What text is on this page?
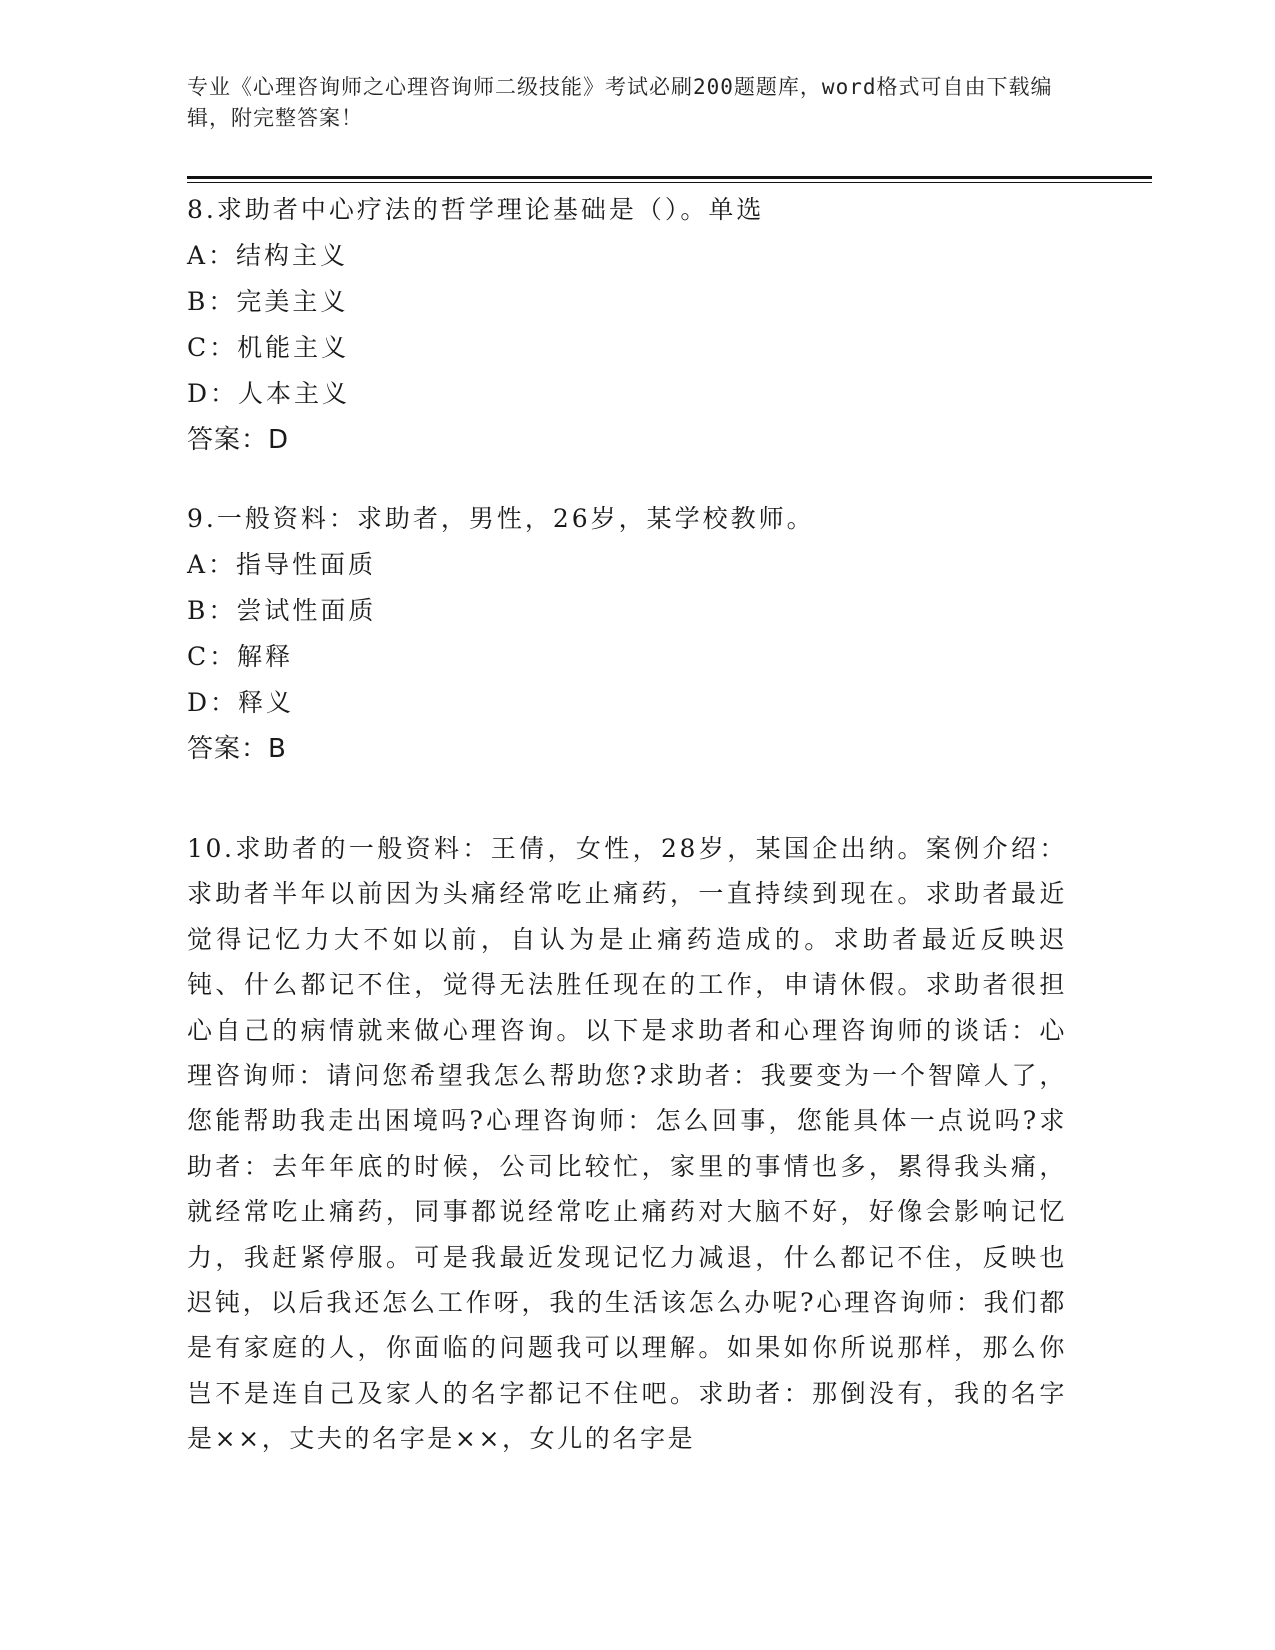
专业《心理咨询师之心理咨询师二级技能》考试必刷200题题库，word格式可自由下载编辑，附完整答案！
8.求助者中心疗法的哲学理论基础是（）。单选
A：结构主义
B：完美主义
C：机能主义
D：人本主义
答案：D
9.一般资料：求助者，男性，26岁，某学校教师。
A：指导性面质
B：尝试性面质
C：解释
D：释义
答案：B
10.求助者的一般资料：王倩，女性，28岁，某国企出纳。案例介绍：求助者半年以前因为头痛经常吃止痛药，一直持续到现在。求助者最近觉得记忆力大不如以前，自认为是止痛药造成的。求助者最近反映迟钝、什么都记不住，觉得无法胜任现在的工作，申请休假。求助者很担心自己的病情就来做心理咨询。以下是求助者和心理咨询师的谈话：心理咨询师：请问您希望我怎么帮助您?求助者：我要变为一个智障人了，您能帮助我走出困境吗?心理咨询师：怎么回事，您能具体一点说吗?求助者：去年年底的时候，公司比较忙，家里的事情也多，累得我头痛，就经常吃止痛药，同事都说经常吃止痛药对大脑不好，好像会影响记忆力，我赶紧停服。可是我最近发现记忆力减退，什么都记不住，反映也迟钝，以后我还怎么工作呀，我的生活该怎么办呢?心理咨询师：我们都是有家庭的人，你面临的问题我可以理解。如果如你所说那样，那么你岂不是连自己及家人的名字都记不住吧。求助者：那倒没有，我的名字是××，丈夫的名字是××，女儿的名字是
